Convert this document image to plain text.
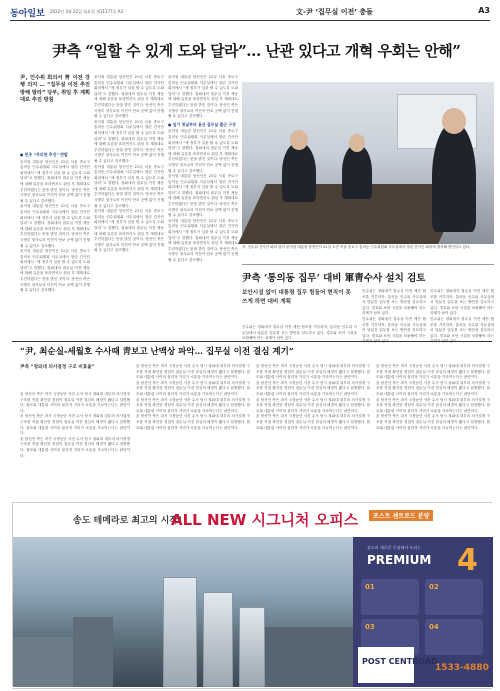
동아일보 2022년 3월 22일 화요일 제31177호 A3	文-尹 ‘집무실 이전’ 충돌	A3
尹측 “일할 수 있게 도와 달라”… 난관 있다고 개혁 우회는 안해”
尹, 인수위 회의서 靑 이전 강행 의지 … “집무실 이전 추진 방해 말라” 당부, 취임 후 계획대로 추진 방침
● 민주 “무리한 추진” 반발
윤석열 대통령 당선인은 21일 서울 종로구 통의동 인수위원회 사무실에서 열린 간사단 회의에서 “새 정부가 일을 할 수 있도록 도와 달라”고 말했다. 청와대의 집무실 이전 제동에 대해 유감을 표하면서도 취임 후 계획대로 추진하겠다는 뜻을 밝힌 것이다. 당선인 측은 국방부 청사로의 이전이 안보 공백 없이 진행될 수 있다고 강조했다.
윤석열 대통령 당선인은 21일 서울 종로구 통의동 인수위원회 사무실에서 열린 간사단 회의에서 “새 정부가 일을 할 수 있도록 도와 달라”고 말했다. 청와대의 집무실 이전 제동에 대해 유감을 표하면서도 취임 후 계획대로 추진하겠다는 뜻을 밝힌 것이다. 당선인 측은 국방부 청사로의 이전이 안보 공백 없이 진행될 수 있다고 강조했다.
윤석열 대통령 당선인은 21일 서울 종로구 통의동 인수위원회 사무실에서 열린 간사단 회의에서 “새 정부가 일을 할 수 있도록 도와 달라”고 말했다. 청와대의 집무실 이전 제동에 대해 유감을 표하면서도 취임 후 계획대로 추진하겠다는 뜻을 밝힌 것이다. 당선인 측은 국방부 청사로의 이전이 안보 공백 없이 진행될 수 있다고 강조했다.
윤석열 대통령 당선인은 21일 서울 종로구 통의동 인수위원회 사무실에서 열린 간사단 회의에서 “새 정부가 일을 할 수 있도록 도와 달라”고 말했다. 청와대의 집무실 이전 제동에 대해 유감을 표하면서도 취임 후 계획대로 추진하겠다는 뜻을 밝힌 것이다. 당선인 측은 국방부 청사로의 이전이 안보 공백 없이 진행될 수 있다고 강조했다.
윤석열 대통령 당선인은 21일 서울 종로구 통의동 인수위원회 사무실에서 열린 간사단 회의에서 “새 정부가 일을 할 수 있도록 도와 달라”고 말했다. 청와대의 집무실 이전 제동에 대해 유감을 표하면서도 취임 후 계획대로 추진하겠다는 뜻을 밝힌 것이다. 당선인 측은 국방부 청사로의 이전이 안보 공백 없이 진행될 수 있다고 강조했다.
윤석열 대통령 당선인은 21일 서울 종로구 통의동 인수위원회 사무실에서 열린 간사단 회의에서 “새 정부가 일을 할 수 있도록 도와 달라”고 말했다. 청와대의 집무실 이전 제동에 대해 유감을 표하면서도 취임 후 계획대로 추진하겠다는 뜻을 밝힌 것이다. 당선인 측은 국방부 청사로의 이전이 안보 공백 없이 진행될 수 있다고 강조했다.
윤석열 대통령 당선인은 21일 서울 종로구 통의동 인수위원회 사무실에서 열린 간사단 회의에서 “새 정부가 일을 할 수 있도록 도와 달라”고 말했다. 청와대의 집무실 이전 제동에 대해 유감을 표하면서도 취임 후 계획대로 추진하겠다는 뜻을 밝힌 것이다. 당선인 측은 국방부 청사로의 이전이 안보 공백 없이 진행될 수 있다고 강조했다.
윤석열 대통령 당선인은 21일 서울 종로구 통의동 인수위원회 사무실에서 열린 간사단 회의에서 “새 정부가 일을 할 수 있도록 도와 달라”고 말했다. 청와대의 집무실 이전 제동에 대해 유감을 표하면서도 취임 후 계획대로 추진하겠다는 뜻을 밝힌 것이다. 당선인 측은 국방부 청사로의 이전이 안보 공백 없이 진행될 수 있다고 강조했다.
● 임기 첫날부터 용산 집무실 출근 구상
윤석열 대통령 당선인은 21일 서울 종로구 통의동 인수위원회 사무실에서 열린 간사단 회의에서 “새 정부가 일을 할 수 있도록 도와 달라”고 말했다. 청와대의 집무실 이전 제동에 대해 유감을 표하면서도 취임 후 계획대로 추진하겠다는 뜻을 밝힌 것이다. 당선인 측은 국방부 청사로의 이전이 안보 공백 없이 진행될 수 있다고 강조했다.
윤석열 대통령 당선인은 21일 서울 종로구 통의동 인수위원회 사무실에서 열린 간사단 회의에서 “새 정부가 일을 할 수 있도록 도와 달라”고 말했다. 청와대의 집무실 이전 제동에 대해 유감을 표하면서도 취임 후 계획대로 추진하겠다는 뜻을 밝힌 것이다. 당선인 측은 국방부 청사로의 이전이 안보 공백 없이 진행될 수 있다고 강조했다.
윤석열 대통령 당선인은 21일 서울 종로구 통의동 인수위원회 사무실에서 열린 간사단 회의에서 “새 정부가 일을 할 수 있도록 도와 달라”고 말했다. 청와대의 집무실 이전 제동에 대해 유감을 표하면서도 취임 후 계획대로 추진하겠다는 뜻을 밝힌 것이다. 당선인 측은 국방부 청사로의 이전이 안보 공백 없이 진행될 수 있다고 강조했다.
尹, 인수위 간사단 회의 참석 윤석열 대통령 당선인이 21일 오전 서울 종로구 통의동 인수위원회 사무실에서 열린 간사단 회의에 참석해 발언하고 있다.
尹측 ‘통의동 집무’ 대비 軍靑수사 설치 검토
보안시설 없이 대통령 집무 힘들어 현직이 못 쓰게 하면 대비 계획
인수위는 청와대가 집무실 이전 예산 협조를 거부하자, 통의동 인수위 사무실에서 당분간 업무를 보는 방안을 검토하고 있다. 경호와 보안 시설을 보완해야 하는 과제가 남아 있다.
인수위는 청와대가 집무실 이전 예산 협조를 거부하자, 통의동 인수위 사무실에서 당분간 업무를 보는 방안을 검토하고 있다. 경호와 보안 시설을 보완해야 하는 과제가 남아 있다.
인수위는 청와대가 집무실 이전 예산 협조를 거부하자, 통의동 인수위 사무실에서 당분간 업무를 보는 방안을 검토하고 있다. 경호와 보안 시설을 보완해야 하는
인수위는 청와대가 집무실 이전 예산 협조를 거부하자, 통의동 인수위 사무실에서 당분간 업무를 보는 방안을 검토하고 있다. 경호와 보안 시설을 보완해야 하는 과제가 남아 있다.
인수위는 청와대가 집무실 이전 예산 협조를 거부하자, 통의동 인수위 사무실에서 당분간 업무를 보는 방안을 검토하고 있다. 경호와 보안 시설을 보완해야 하는
“尹, 최순실-세월호 수사때 靑보고 난맥상 파악… 집무실 이전 결심 계기”
尹측 “청와대 의사결정 구조 비효율”
윤 당선인 측은 과거 국정농단 사건 수사 당시 청와대 내부의 의사결정 구조를 직접 확인한 경험이 집무실 이전 결심의 배경이 됐다고 설명했다. 참모와 대통령 사이의 물리적 거리가 소통을 가로막는다는 판단이다.
윤 당선인 측은 과거 국정농단 사건 수사 당시 청와대 내부의 의사결정 구조를 직접 확인한 경험이 집무실 이전 결심의 배경이 됐다고 설명했다. 참모와 대통령 사이의 물리적 거리가 소통을 가로막는다는 판단이다.
윤 당선인 측은 과거 국정농단 사건 수사 당시 청와대 내부의 의사결정 구조를 직접 확인한 경험이 집무실 이전 결심의 배경이 됐다고 설명했다. 참모와 대통령 사이의 물리적 거리가 소통을 가로막는다는 판단이다.
윤 당선인 측은 과거 국정농단 사건 수사 당시 청와대 내부의 의사결정 구조를 직접 확인한 경험이 집무실 이전 결심의 배경이 됐다고 설명했다. 참모와 대통령 사이의 물리적 거리가 소통을 가로막는다는 판단이다.
윤 당선인 측은 과거 국정농단 사건 수사 당시 청와대 내부의 의사결정 구조를 직접 확인한 경험이 집무실 이전 결심의 배경이 됐다고 설명했다. 참모와 대통령 사이의 물리적 거리가 소통을 가로막는다는 판단이다.
윤 당선인 측은 과거 국정농단 사건 수사 당시 청와대 내부의 의사결정 구조를 직접 확인한 경험이 집무실 이전 결심의 배경이 됐다고 설명했다. 참모와 대통령 사이의 물리적 거리가 소통을 가로막는다는 판단이다.
윤 당선인 측은 과거 국정농단 사건 수사 당시 청와대 내부의 의사결정 구조를 직접 확인한 경험이 집무실 이전 결심의 배경이 됐다고 설명했다. 참모와 대통령 사이의 물리적 거리가 소통을 가로막는다는 판단이다.
윤 당선인 측은 과거 국정농단 사건 수사 당시 청와대 내부의 의사결정 구조를 직접 확인한 경험이 집무실 이전 결심의 배경이 됐다고 설명했다. 참모와 대통령 사이의 물리적 거리가 소통을 가로막는다는 판단이다.
윤 당선인 측은 과거 국정농단 사건 수사 당시 청와대 내부의 의사결정 구조를 직접 확인한 경험이 집무실 이전 결심의 배경이 됐다고 설명했다. 참모와 대통령 사이의 물리적 거리가 소통을 가로막는다는 판단이다.
윤 당선인 측은 과거 국정농단 사건 수사 당시 청와대 내부의 의사결정 구조를 직접 확인한 경험이 집무실 이전 결심의 배경이 됐다고 설명했다. 참모와 대통령 사이의 물리적 거리가 소통을 가로막는다는 판단이다.
윤 당선인 측은 과거 국정농단 사건 수사 당시 청와대 내부의 의사결정 구조를 직접 확인한 경험이 집무실 이전 결심의 배경이 됐다고 설명했다. 참모와 대통령 사이의 물리적 거리가 소통을 가로막는다는 판단이다.
윤 당선인 측은 과거 국정농단 사건 수사 당시 청와대 내부의 의사결정 구조를 직접 확인한 경험이 집무실 이전 결심의 배경이 됐다고 설명했다. 참모와 대통령 사이의 물리적 거리가 소통을 가로막는다는 판단이다.
윤 당선인 측은 과거 국정농단 사건 수사 당시 청와대 내부의 의사결정 구조를 직접 확인한 경험이 집무실 이전 결심의 배경이 됐다고 설명했다. 참모와 대통령 사이의 물리적 거리가 소통을 가로막는다는 판단이다.
윤 당선인 측은 과거 국정농단 사건 수사 당시 청와대 내부의 의사결정 구조를 직접 확인한 경험이 집무실 이전 결심의 배경이 됐다고 설명했다. 참모와 대통령 사이의 물리적 거리가 소통을 가로막는다는 판단이다.
윤 당선인 측은 과거 국정농단 사건 수사 당시 청와대 내부의 의사결정 구조를 직접 확인한 경험이 집무실 이전 결심의 배경이 됐다고 설명했다. 참모와 대통령 사이의 물리적 거리가 소통을 가로막는다는 판단이다.
송도 테메라로 최고의 시작!
ALL NEW 시그니처 오피스	포스트 센트로드 분양
송도의 새로운 중심에서 누리는
PREMIUM 4
01	02
03	04
POST CENTROAD
1533-4880
